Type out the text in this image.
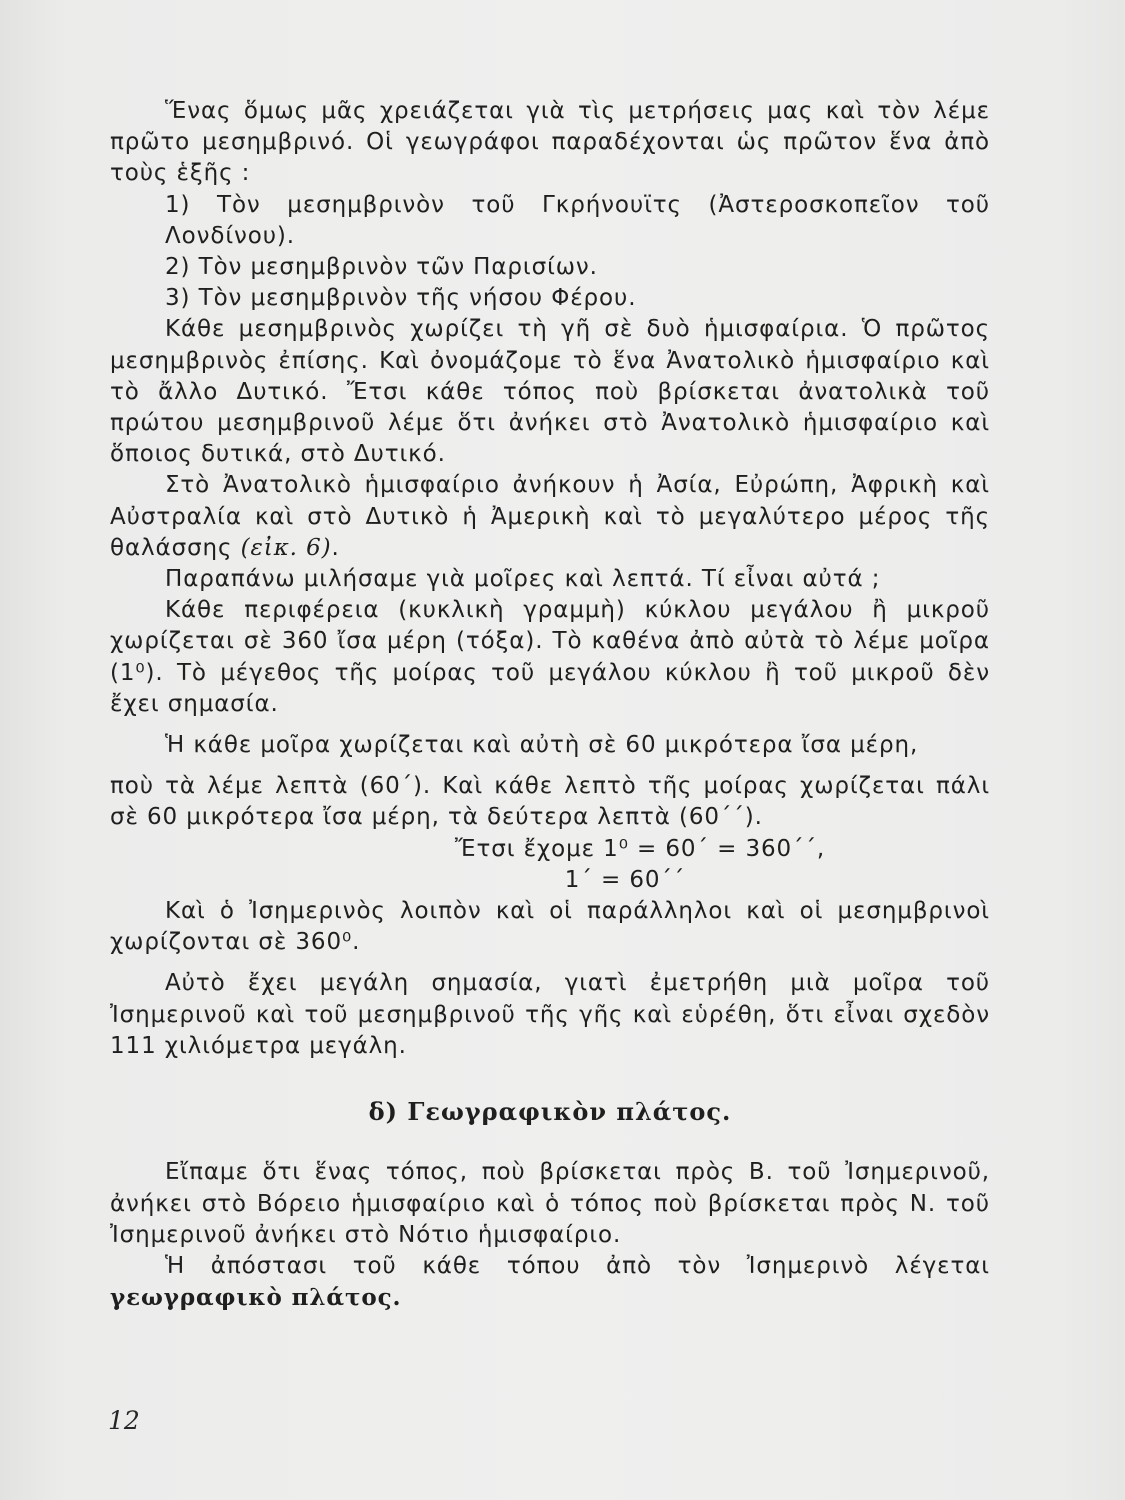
Ἕνας ὅμως μᾶς χρειάζεται γιὰ τὶς μετρήσεις μας καὶ τὸν λέμε πρῶτο μεσημβρινό. Οἱ γεωγράφοι παραδέχονται ὡς πρῶτον ἕνα ἀπὸ τοὺς ἑξῆς :

1) Τὸν μεσημβρινὸν τοῦ Γκρήνουϊτς (Ἀστεροσκοπεῖον τοῦ Λονδίνου).

2) Τὸν μεσημβρινὸν τῶν Παρισίων.

3) Τὸν μεσημβρινὸν τῆς νήσου Φέρου.

Κάθε μεσημβρινὸς χωρίζει τὴ γῆ σὲ δυὸ ἡμισφαίρια. Ὁ πρῶτος μεσημβρινὸς ἐπίσης. Καὶ ὀνομάζομε τὸ ἕνα Ἀνατολικὸ ἡμισφαίριο καὶ τὸ ἄλλο Δυτικό. Ἔτσι κάθε τόπος ποὺ βρίσκεται ἀνατολικὰ τοῦ πρώτου μεσημβρινοῦ λέμε ὅτι ἀνήκει στὸ Ἀνατολικὸ ἡμισφαίριο καὶ ὅποιος δυτικά, στὸ Δυτικό.

Στὸ Ἀνατολικὸ ἡμισφαίριο ἀνήκουν ἡ Ἀσία, Εὐρώπη, Ἀφρικὴ καὶ Αὐστραλία καὶ στὸ Δυτικὸ ἡ Ἀμερικὴ καὶ τὸ μεγαλύτερο μέρος τῆς θαλάσσης (εἰκ. 6).

Παραπάνω μιλήσαμε γιὰ μοῖρες καὶ λεπτά. Τί εἶναι αὐτά ;

Κάθε περιφέρεια (κυκλικὴ γραμμὴ) κύκλου μεγάλου ἢ μικροῦ χωρίζεται σὲ 360 ἴσα μέρη (τόξα). Τὸ καθένα ἀπὸ αὐτὰ τὸ λέμε μοῖρα (1⁰). Τὸ μέγεθος τῆς μοίρας τοῦ μεγάλου κύκλου ἢ τοῦ μικροῦ δὲν ἔχει σημασία.

Ἡ κάθε μοῖρα χωρίζεται καὶ αὐτὴ σὲ 60 μικρότερα ἴσα μέρη,

ποὺ τὰ λέμε λεπτὰ (60΄). Καὶ κάθε λεπτὸ τῆς μοίρας χωρίζεται πάλι σὲ 60 μικρότερα ἴσα μέρη, τὰ δεύτερα λεπτὰ (60΄΄).

Ἔτσι ἔχομε 1⁰ = 60΄ = 360΄΄,

1΄ = 60΄΄

Καὶ ὁ Ἰσημερινὸς λοιπὸν καὶ οἱ παράλληλοι καὶ οἱ μεσημβρινοὶ χωρίζονται σὲ 360⁰.

Αὐτὸ ἔχει μεγάλη σημασία, γιατὶ ἐμετρήθη μιὰ μοῖρα τοῦ Ἰσημερινοῦ καὶ τοῦ μεσημβρινοῦ τῆς γῆς καὶ εὑρέθη, ὅτι εἶναι σχεδὸν 111 χιλιόμετρα μεγάλη.

δ) Γεωγραφικὸν πλάτος.

Εἴπαμε ὅτι ἕνας τόπος, ποὺ βρίσκεται πρὸς Β. τοῦ Ἰσημερινοῦ, ἀνήκει στὸ Βόρειο ἡμισφαίριο καὶ ὁ τόπος ποὺ βρίσκεται πρὸς Ν. τοῦ Ἰσημερινοῦ ἀνήκει στὸ Νότιο ἡμισφαίριο.

Ἡ ἀπόστασι τοῦ κάθε τόπου ἀπὸ τὸν Ἰσημερινὸ λέγεται γεωγραφικὸ πλάτος.

12
